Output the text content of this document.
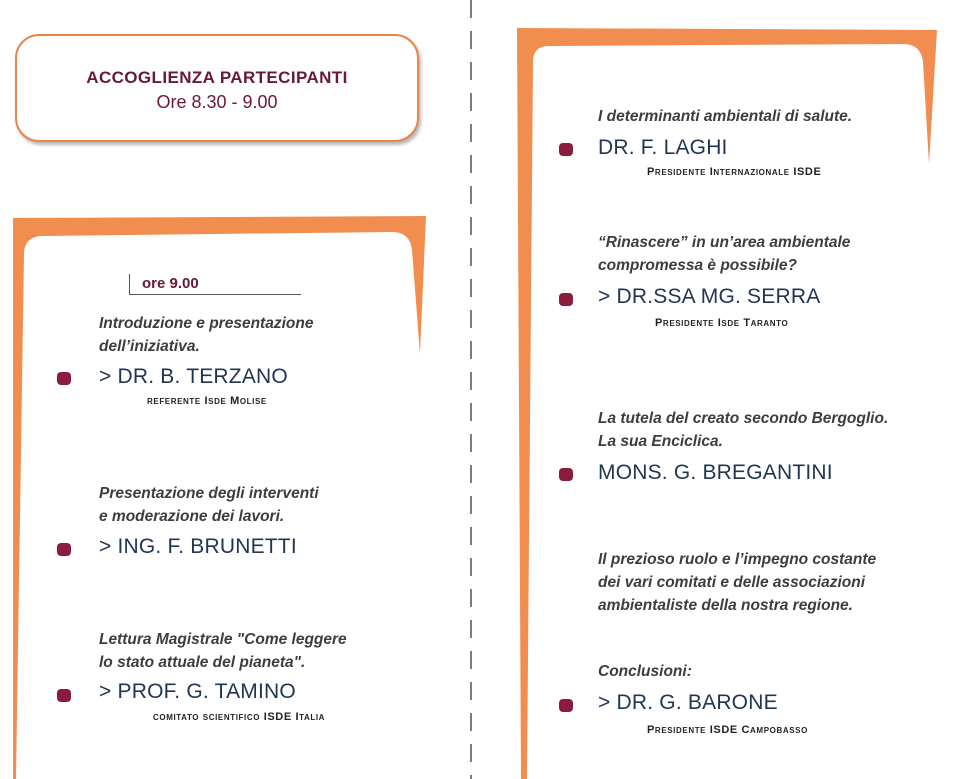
ACCOGLIENZA PARTECIPANTI
Ore 8.30 - 9.00
ore 9.00
Introduzione e presentazione
dell’iniziativa.
> DR. B. TERZANO
referente Isde Molise
Presentazione degli interventi
e moderazione dei lavori.
> ING. F. BRUNETTI
Lettura Magistrale "Come leggere
lo stato attuale del pianeta".
> PROF. G. TAMINO
comitato scientifico ISDE Italia
I determinanti ambientali di salute.
DR. F. LAGHI
Presidente Internazionale ISDE
“Rinascere” in un’area ambientale
compromessa è possibile?
> DR.SSA MG. SERRA
Presidente Isde Taranto
La tutela del creato secondo Bergoglio.
La sua Enciclica.
MONS. G. BREGANTINI
Il prezioso ruolo e l’impegno costante
dei vari comitati e delle associazioni
ambientaliste della nostra regione.
Conclusioni:
> DR. G. BARONE
Presidente ISDE Campobasso
